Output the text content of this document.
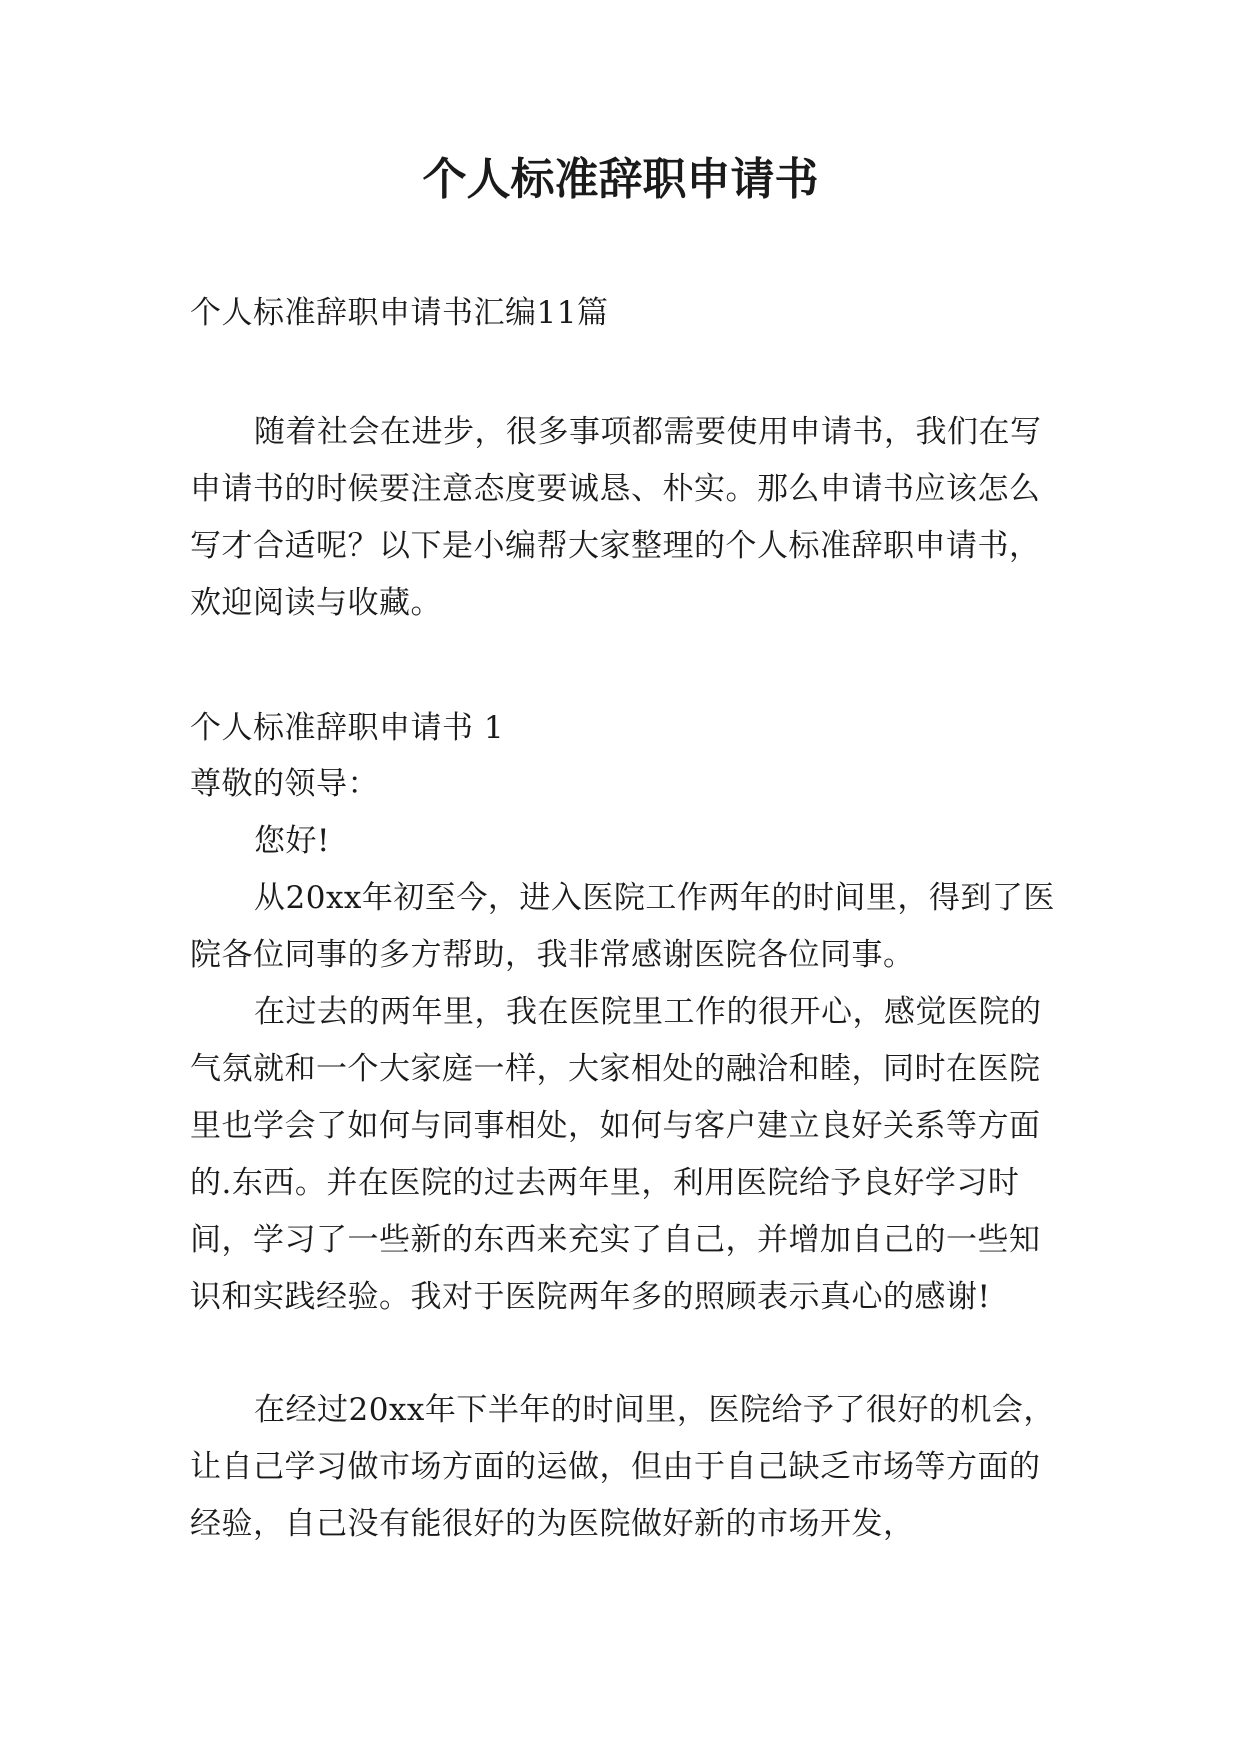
个人标准辞职申请书

个人标准辞职申请书汇编11篇

随着社会在进步，很多事项都需要使用申请书，我们在写申请书的时候要注意态度要诚恳、朴实。那么申请书应该怎么写才合适呢？以下是小编帮大家整理的个人标准辞职申请书，欢迎阅读与收藏。

个人标准辞职申请书 1

尊敬的领导：

您好!

从20xx年初至今，进入医院工作两年的时间里，得到了医院各位同事的多方帮助，我非常感谢医院各位同事。

在过去的两年里，我在医院里工作的很开心，感觉医院的气氛就和一个大家庭一样，大家相处的融洽和睦，同时在医院里也学会了如何与同事相处，如何与客户建立良好关系等方面的.东西。并在医院的过去两年里，利用医院给予良好学习时间，学习了一些新的东西来充实了自己，并增加自己的一些知识和实践经验。我对于医院两年多的照顾表示真心的感谢!

在经过20xx年下半年的时间里，医院给予了很好的机会，让自己学习做市场方面的运做，但由于自己缺乏市场等方面的经验，自己没有能很好的为医院做好新的市场开发，
